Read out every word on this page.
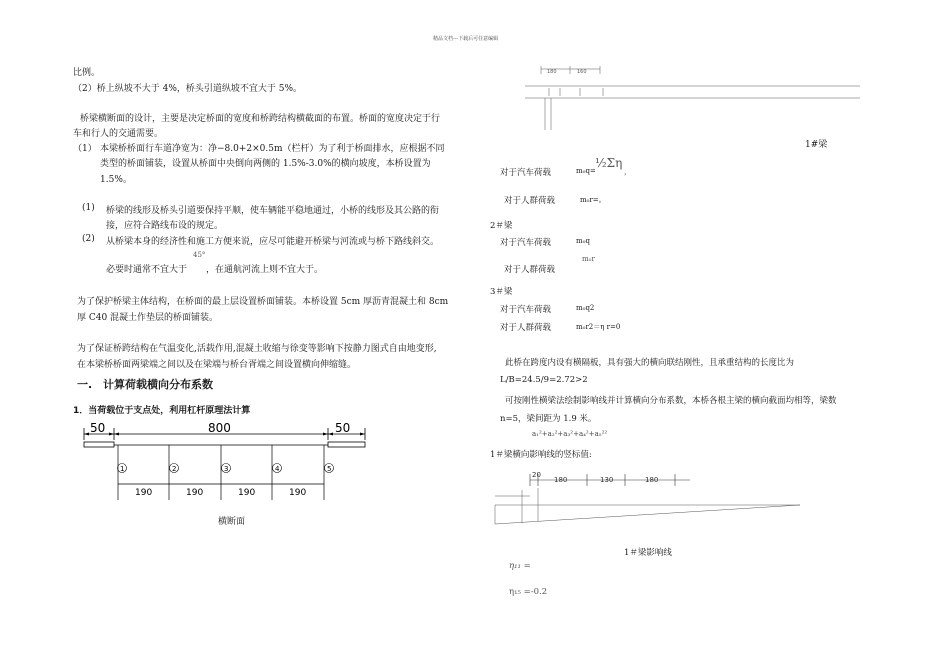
精品文档---下载后可任意编辑
比例。
（2）桥上纵坡不大于 4%，桥头引道纵坡不宜大于 5%。
桥梁横断面的设计，主要是决定桥面的宽度和桥跨结构横截面的布置。桥面的宽度决定于行
车和行人的交通需要。
（1） 本梁桥桥面行车道净宽为：净−8.0+2×0.5m（栏杆）为了利于桥面排水，应根据不同
类型的桥面铺装，设置从桥面中央倒向两侧的 1.5%-3.0%的横向坡度，本桥设置为
1.5%。
(1) 桥梁的线形及桥头引道要保持平顺，使车辆能平稳地通过，小桥的线形及其公路的衔
接，应符合路线布设的规定。
(2) 从桥梁本身的经济性和施工方便来说，应尽可能避开桥梁与河流或与桥下路线斜交。
必要时通常不宜大于
45°
，在通航河流上则不宜大于。
为了保护桥梁主体结构，在桥面的最上层设置桥面铺装。本桥设置 5cm 厚沥青混凝土和 8cm
厚 C40 混凝土作垫层的桥面铺装。
为了保证桥跨结构在气温变化,活载作用,混凝土收缩与徐变等影响下按静力图式自由地变形,
在本梁桥桥面两梁端之间以及在梁端与桥台胥端之间设置横向伸缩缝。
一. 计算荷载横向分布系数
1．当荷载位于支点处，利用杠杆原理法计算
50	800	50
1	2	3	4	5
190	190	190	190
横断面
180	160
1#梁
对于汽车荷载	m₀q=
½Ση
，
对于人群荷载	m₀r=。
2＃梁
对于汽车荷载	m₀q
m₀r
对于人群荷载
3＃梁
对于汽车荷载	m₀q2
对于人群荷载	m₀r2＝η r=0
此桥在跨度内设有横隔板，具有强大的横向联结刚性，且承重结构的长度比为
L/B=24.5/9=2.72>2
可按刚性横梁法绘制影响线并计算横向分布系数，本桥各根主梁的横向截面均相等，梁数
n=5，梁间距为 1.9 米。
a₁²+a₂²+a₃²+a₄²+a₅²²
1＃梁横向影响线的竖标值:
20
180	130	180
1＃梁影响线
η₁₁ =
η₁₅ =-0.2
